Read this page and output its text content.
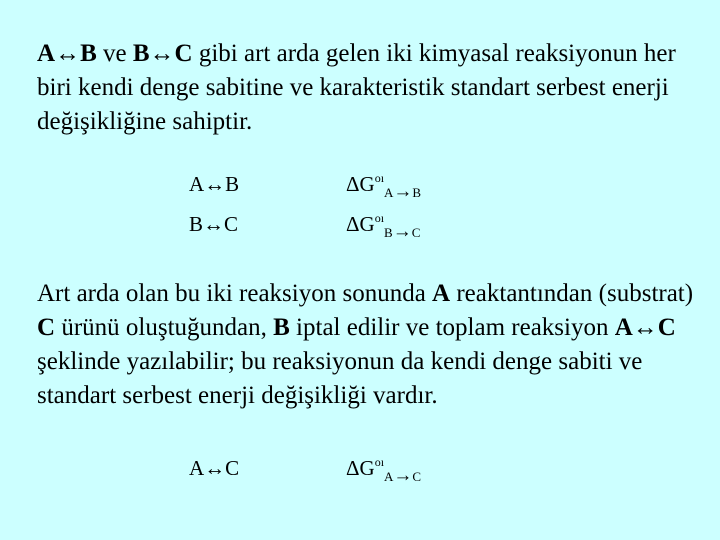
A↔B ve B↔C gibi art arda gelen iki kimyasal reaksiyonun her biri kendi denge sabitine ve karakteristik standart serbest enerji değişikliğine sahiptir.

A↔B	$\Delta G^{oı}_{A\to B}$
B↔C	$\Delta G^{oı}_{B\to C}$

Art arda olan bu iki reaksiyon sonunda A reaktantından (substrat) C ürünü oluştuğundan, B iptal edilir ve toplam reaksiyon A↔C şeklinde yazılabilir; bu reaksiyonun da kendi denge sabiti ve standart serbest enerji değişikliği vardır.

A↔C	$\Delta G^{oı}_{A\to C}$
